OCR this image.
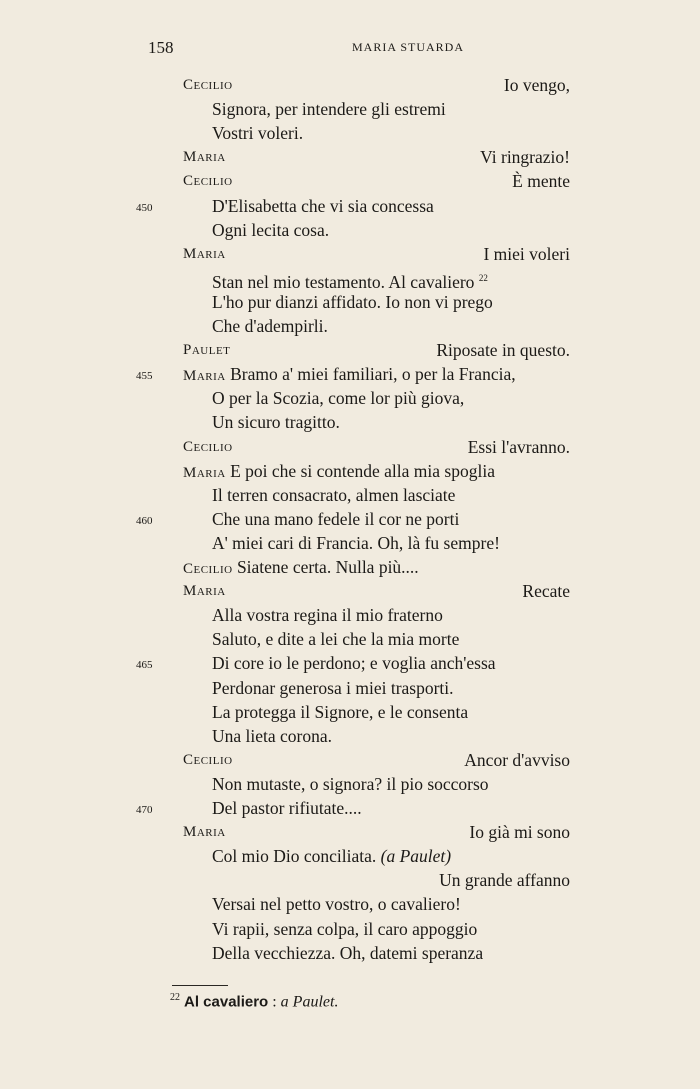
158	MARIA STUARDA
Cecilio	Io vengo,
Signora, per intendere gli estremi
Vostri voleri.
Maria	Vi ringrazio!
Cecilio	È mente
D'Elisabetta che vi sia concessa
450
Ogni lecita cosa.
Maria	I miei voleri
Stan nel mio testamento. Al cavaliero $^{22}$
L'ho pur dianzi affidato. Io non vi prego
Che d'adempirli.
Paulet	Riposate in questo.
Maria Bramo a' miei familiari, o per la Francia,
455
O per la Scozia, come lor più giova,
Un sicuro tragitto.
Cecilio	Essi l'avranno.
Maria E poi che si contende alla mia spoglia
Il terren consacrato, almen lasciate
Che una mano fedele il cor ne porti
460
A' miei cari di Francia. Oh, là fu sempre!
Cecilio Siatene certa. Nulla più....
Maria	Recate
Alla vostra regina il mio fraterno
Saluto, e dite a lei che la mia morte
Di core io le perdono; e voglia anch'essa
465
Perdonar generosa i miei trasporti.
La protegga il Signore, e le consenta
Una lieta corona.
Cecilio	Ancor d'avviso
Non mutaste, o signora? il pio soccorso
Del pastor rifiutate....
470
Maria	Io già mi sono
Col mio Dio conciliata. (a Paulet)
Un grande affanno
Versai nel petto vostro, o cavaliero!
Vi rapii, senza colpa, il caro appoggio
Della vecchiezza. Oh, datemi speranza
$^{22}$ Al cavaliero : a Paulet.
